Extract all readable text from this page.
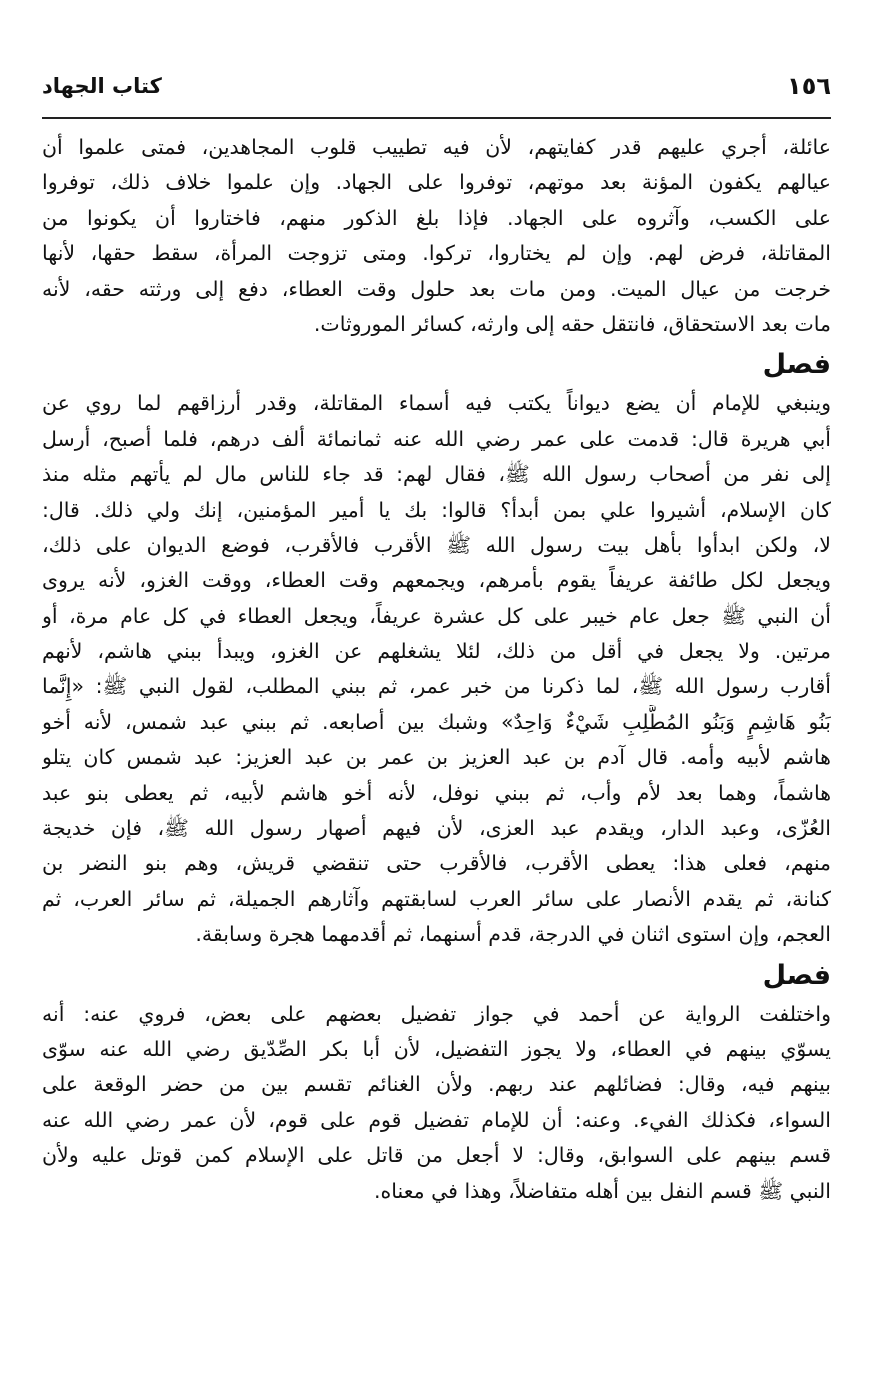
١٥٦
كتاب الجهاد
عائلة، أجري عليهم قدر كفايتهم، لأن فيه تطييب قلوب المجاهدين، فمتى علموا أن
عيالهم يكفون المؤنة بعد موتهم، توفروا على الجهاد. وإن علموا خلاف ذلك، توفروا
على الكسب، وآثروه على الجهاد. فإذا بلغ الذكور منهم، فاختاروا أن يكونوا من
المقاتلة، فرض لهم. وإن لم يختاروا، تركوا. ومتى تزوجت المرأة، سقط حقها، لأنها
خرجت من عيال الميت. ومن مات بعد حلول وقت العطاء، دفع إلى ورثته حقه، لأنه
مات بعد الاستحقاق، فانتقل حقه إلى وارثه، كسائر الموروثات.
فصل
وينبغي للإمام أن يضع ديواناً يكتب فيه أسماء المقاتلة، وقدر أرزاقهم لما روي عن
أبي هريرة قال: قدمت على عمر رضي الله عنه ثمانمائة ألف درهم، فلما أصبح، أرسل
إلى نفر من أصحاب رسول الله ﷺ، فقال لهم: قد جاء للناس مال لم يأتهم مثله منذ
كان الإسلام، أشيروا علي بمن أبدأ؟ قالوا: بك يا أمير المؤمنين، إنك ولي ذلك. قال:
لا، ولكن ابدأوا بأهل بيت رسول الله ﷺ الأقرب فالأقرب، فوضع الديوان على ذلك،
ويجعل لكل طائفة عريفاً يقوم بأمرهم، ويجمعهم وقت العطاء، ووقت الغزو، لأنه يروى
أن النبي ﷺ جعل عام خيبر على كل عشرة عريفاً، ويجعل العطاء في كل عام مرة، أو
مرتين. ولا يجعل في أقل من ذلك، لئلا يشغلهم عن الغزو، ويبدأ ببني هاشم، لأنهم
أقارب رسول الله ﷺ، لما ذكرنا من خبر عمر، ثم ببني المطلب، لقول النبي ﷺ: «إِنَّما
بَنُو هَاشِمٍ وَبَنُو المُطَّلِبِ شَيْءٌ وَاحِدٌ» وشبك بين أصابعه. ثم ببني عبد شمس، لأنه أخو
هاشم لأبيه وأمه. قال آدم بن عبد العزيز بن عمر بن عبد العزيز: عبد شمس كان يتلو
هاشماً، وهما بعد لأم وأب، ثم ببني نوفل، لأنه أخو هاشم لأبيه، ثم يعطى بنو عبد
العُزّى، وعبد الدار، ويقدم عبد العزى، لأن فيهم أصهار رسول الله ﷺ، فإن خديجة
منهم، فعلى هذا: يعطى الأقرب، فالأقرب حتى تنقضي قريش، وهم بنو النضر بن
كنانة، ثم يقدم الأنصار على سائر العرب لسابقتهم وآثارهم الجميلة، ثم سائر العرب، ثم
العجم، وإن استوى اثنان في الدرجة، قدم أسنهما، ثم أقدمهما هجرة وسابقة.
فصل
واختلفت الرواية عن أحمد في جواز تفضيل بعضهم على بعض، فروي عنه: أنه
يسوّي بينهم في العطاء، ولا يجوز التفضيل، لأن أبا بكر الصِّدّيق رضي الله عنه سوّى
بينهم فيه، وقال: فضائلهم عند ربهم. ولأن الغنائم تقسم بين من حضر الوقعة على
السواء، فكذلك الفيء. وعنه: أن للإمام تفضيل قوم على قوم، لأن عمر رضي الله عنه
قسم بينهم على السوابق، وقال: لا أجعل من قاتل على الإسلام كمن قوتل عليه ولأن
النبي ﷺ قسم النفل بين أهله متفاضلاً، وهذا في معناه.
